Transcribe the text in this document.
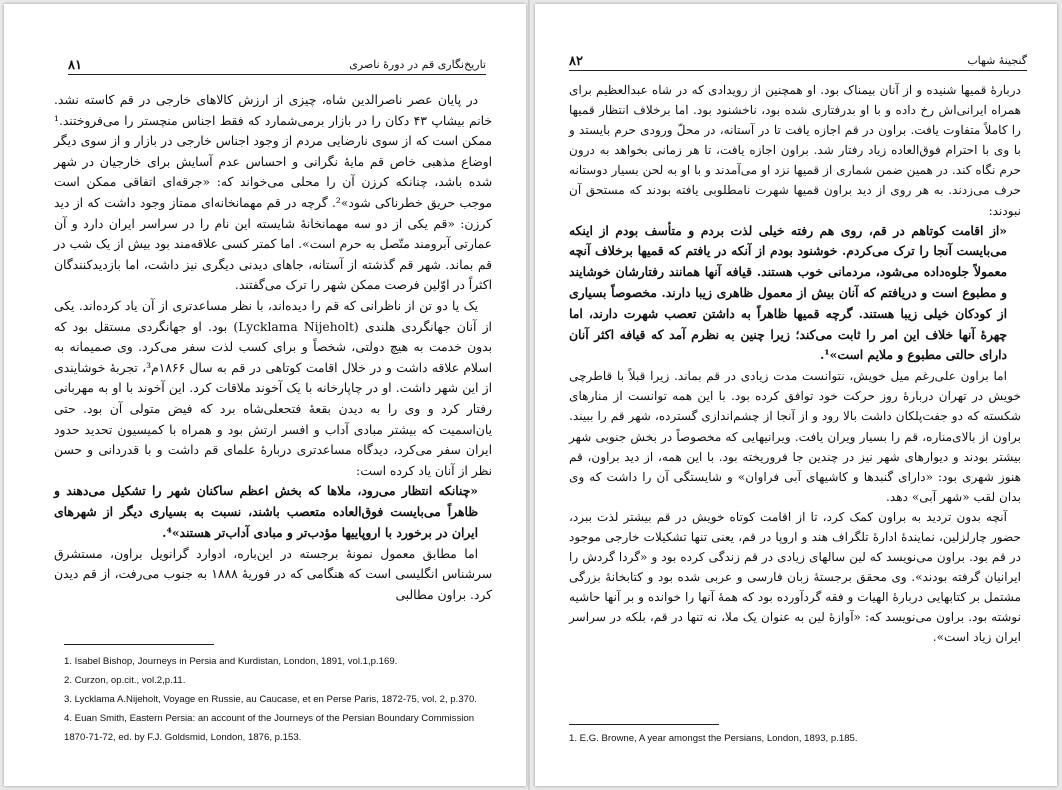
تاریخ‌نگاری قم در دورهٔ ناصری
۸۱

در پایان عصر ناصرالدین شاه، چیزی از ارزش کالاهای خارجی در قم کاسته نشد. خانم بیشاپ ۴۳ دکان را در بازار برمی‌شمارد که فقط اجناس منچستر را می‌فروختند.¹ ممکن است که از سوی نارضایی مردم از وجود اجناس خارجی در بازار و از سوی دیگر اوضاع مذهبی خاص قم مایهٔ نگرانی و احساس عدم آسایش برای خارجیان در شهر شده باشد، چنانکه کرزن آن را محلی می‌خواند که: «جرقه‌ای اتفاقی ممکن است موجب حریق خطرناکی شود»². گرچه در قم مهمانخانه‌ای ممتاز وجود داشت که از دید کرزن: «قم یکی از دو سه مهمانخانهٔ شایسته این نام را در سراسر ایران دارد و آن عمارتی آبرومند متّصل به حرم است». اما کمتر کسی علاقه‌مند بود بیش از یک شب در قم بماند. شهر قم گذشته از آستانه، جاهای دیدنی دیگری نیز داشت، اما بازدیدکنندگان اکثراً در اوّلین فرصت ممکن شهر را ترک می‌گفتند.

یک یا دو تن از ناظرانی که قم را دیده‌اند، با نظر مساعدتری از آن یاد کرده‌اند. یکی از آنان جهانگردی هلندی (Lycklama Nijeholt) بود. او جهانگردی مستقل بود که بدون خدمت به هیچ دولتی، شخصاً و برای کسب لذت سفر می‌کرد. وی صمیمانه به اسلام علاقه داشت و در خلال اقامت کوتاهی در قم به سال ۱۸۶۶م³، تجربهٔ خوشایندی از این شهر داشت. او در چاپارخانه با یک آخوند ملاقات کرد. این آخوند با او به مهربانی رفتار کرد و وی را به دیدن بقعهٔ فتحعلی‌شاه برد که فیض متولی آن بود. حتی یان‌اسمیت که بیشتر مبادی آداب و افسر ارتش بود و همراه با کمیسیون تحدید حدود ایران سفر می‌کرد، دیدگاه مساعدتری دربارهٔ علمای قم داشت و با قدردانی و حسن نظر از آنان یاد کرده است:

«چنانکه انتظار می‌رود، ملاها که بخش اعظم ساکنان شهر را تشکیل می‌دهند و ظاهراً می‌بایست فوق‌العاده متعصب باشند، نسبت به بسیاری دیگر از شهرهای ایران در برخورد با اروپاییها مؤدب‌تر و مبادی آداب‌تر هستند»⁴.

اما مطابق معمول نمونهٔ برجسته در این‌باره، ادوارد گرانویل براون، مستشرق سرشناس انگلیسی است که هنگامی که در فوریهٔ ۱۸۸۸ به جنوب می‌رفت، از قم دیدن کرد. براون مطالبی

1. Isabel Bishop, Journeys in Persia and Kurdistan, London, 1891, vol.1,p.169.

2. Curzon, op.cit., vol.2,p.11.

3. Lycklama A.Nijeholt, Voyage en Russie, au Caucase, et en Perse Paris, 1872-75, vol. 2, p.370.

4. Euan Smith, Eastern Persia: an account of the Journeys of the Persian Boundary Commission 1870-71-72, ed. by F.J. Goldsmid, London, 1876, p.153.

گنجینهٔ شهاب
۸۲

دربارهٔ قمیها شنیده و از آنان بیمناک بود. او همچنین از رویدادی که در شاه عبدالعظیم برای همراه ایرانی‌اش رخ داده و با او بدرفتاری شده بود، ناخشنود بود. اما برخلاف انتظار قمیها را کاملاً متفاوت یافت. براون در قم اجازه یافت تا در آستانه، در محلّ ورودی حرم بایستد و با وی با احترام فوق‌العاده زیاد رفتار شد. براون اجازه یافت، تا هر زمانی بخواهد به درون حرم نگاه کند. در همین ضمن شماری از قمیها نزد او می‌آمدند و با او به لحن بسیار دوستانه حرف می‌زدند. به هر روی از دید براون قمیها شهرت نامطلوبی یافته بودند که مستحق آن نبودند:

«از اقامت کوتاهم در قم، روی هم رفته خیلی لذت بردم و متأسف بودم از اینکه می‌بایست آنجا را ترک می‌کردم. خوشنود بودم از آنکه در یافتم که قمیها برخلاف آنچه معمولاً جلوه‌داده می‌شود، مردمانی خوب هستند. قیافه آنها همانند رفتارشان خوشایند و مطبوع است و دریافتم که آنان بیش از معمول ظاهری زیبا دارند. مخصوصاً بسیاری از کودکان خیلی زیبا هستند. گرچه قمیها ظاهراً به داشتن تعصب شهرت دارند، اما چهرهٔ آنها خلاف این امر را ثابت می‌کند؛ زیرا چنین به نظرم آمد که قیافه اکثر آنان دارای حالتی مطبوع و ملایم است»¹.

اما براون علی‌رغم میل خویش، نتوانست مدت زیادی در قم بماند. زیرا قبلاً با قاطرچی خویش در تهران دربارهٔ روز حرکت خود توافق کرده بود. با این همه توانست از منارهای شکسته که دو جفت‌پلکان داشت بالا رود و از آنجا از چشم‌اندازی گسترده، شهر قم را ببیند. براون از بالای‌مناره، قم را بسیار ویران یافت. ویرانیهایی که مخصوصاً در بخش جنوبی شهر بیشتر بودند و دیوارهای شهر نیز در چندین جا فروریخته بود. با این همه، از دید براون، قم هنوز شهری بود: «دارای گنبدها و کاشیهای آبی فراوان» و شایستگی آن را داشت که وی بدان لقب «شهر آبی» دهد.

آنچه بدون تردید به براون کمک کرد، تا از اقامت کوتاه خویش در قم بیشتر لذت ببرد، حضور چارلزلین، نمایندهٔ ادارهٔ تلگراف هند و اروپا در قم، یعنی تنها تشکیلات خارجی موجود در قم بود. براون می‌نویسد که لین سالهای زیادی در قم زندگی کرده بود و «گردا گردش را ایرانیان گرفته بودند». وی محقق برجستهٔ زبان فارسی و عربی شده بود و کتابخانهٔ بزرگی مشتمل بر کتابهایی دربارهٔ الهیات و فقه گردآورده بود که همهٔ آنها را خوانده و بر آنها حاشیه نوشته بود. براون می‌نویسد که: «آوازهٔ لین به عنوان یک ملا، نه تنها در قم، بلکه در سراسر ایران زیاد است».

1. E.G. Browne, A year amongst the Persians, London, 1893, p.185.
